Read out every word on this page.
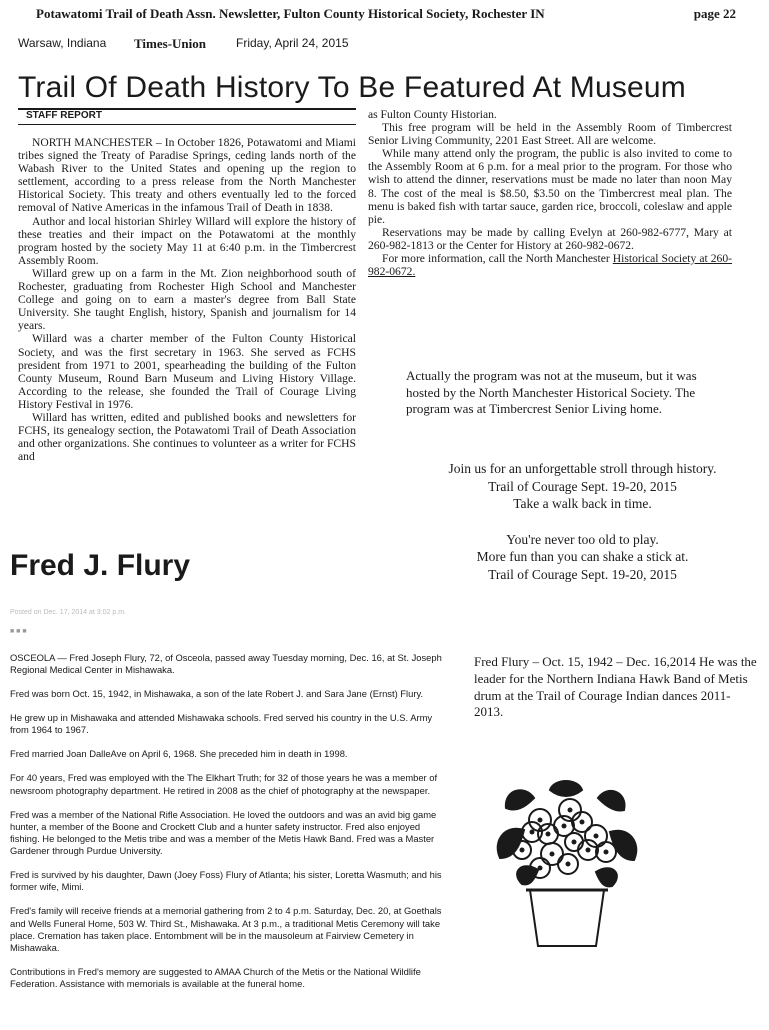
Potawatomi Trail of Death Assn. Newsletter, Fulton County Historical Society, Rochester IN	page 22
Warsaw, Indiana Times-Union	Friday, April 24, 2015
Trail Of Death History To Be Featured At Museum
STAFF REPORT

NORTH MANCHESTER – In October 1826, Potawatomi and Miami tribes signed the Treaty of Paradise Springs, ceding lands north of the Wabash River to the United States and opening up the region to settlement, according to a press release from the North Manchester Historical Society. This treaty and others eventually led to the forced removal of Native Americas in the infamous Trail of Death in 1838.

Author and local historian Shirley Willard will explore the history of these treaties and their impact on the Potawatomi at the monthly program hosted by the society May 11 at 6:40 p.m. in the Timbercrest Assembly Room.

Willard grew up on a farm in the Mt. Zion neighborhood south of Rochester, graduating from Rochester High School and Manchester College and going on to earn a master's degree from Ball State University. She taught English, history, Spanish and journalism for 14 years.

Willard was a charter member of the Fulton County Historical Society, and was the first secretary in 1963. She served as FCHS president from 1971 to 2001, spearheading the building of the Fulton County Museum, Round Barn Museum and Living History Village. According to the release, she founded the Trail of Courage Living History Festival in 1976.

Willard has written, edited and published books and newsletters for FCHS, its genealogy section, the Potawatomi Trail of Death Association and other organizations. She continues to volunteer as a writer for FCHS and

as Fulton County Historian.

This free program will be held in the Assembly Room of Timbercrest Senior Living Community, 2201 East Street. All are welcome.

While many attend only the program, the public is also invited to come to the Assembly Room at 6 p.m. for a meal prior to the program. For those who wish to attend the dinner, reservations must be made no later than noon May 8. The cost of the meal is $8.50, $3.50 on the Timbercrest meal plan. The menu is baked fish with tartar sauce, garden rice, broccoli, coleslaw and apple pie.

Reservations may be made by calling Evelyn at 260-982-6777, Mary at 260-982-1813 or the Center for History at 260-982-0672.

For more information, call the North Manchester Historical Society at 260-982-0672.

Actually the program was not at the museum, but it was hosted by the North Manchester Historical Society. The program was at Timbercrest Senior Living home.
Join us for an unforgettable stroll through history.
Trail of Courage Sept. 19-20, 2015
Take a walk back in time.
You're never too old to play.
More fun than you can shake a stick at.
Trail of Courage Sept. 19-20, 2015
Fred J. Flury
Posted on Dec. 17, 2014 at 3:02 p.m.
■ ■ ■

OSCEOLA — Fred Joseph Flury, 72, of Osceola, passed away Tuesday morning, Dec. 16, at St. Joseph Regional Medical Center in Mishawaka.

Fred was born Oct. 15, 1942, in Mishawaka, a son of the late Robert J. and Sara Jane (Ernst) Flury.

He grew up in Mishawaka and attended Mishawaka schools. Fred served his country in the U.S. Army from 1964 to 1967.

Fred married Joan DalleAve on April 6, 1968. She preceded him in death in 1998.

For 40 years, Fred was employed with the The Elkhart Truth; for 32 of those years he was a member of newsroom photography department. He retired in 2008 as the chief of photography at the newspaper.

Fred was a member of the National Rifle Association. He loved the outdoors and was an avid big game hunter, a member of the Boone and Crockett Club and a hunter safety instructor. Fred also enjoyed fishing. He belonged to the Metis tribe and was a member of the Metis Hawk Band. Fred was a Master Gardener through Purdue University.

Fred is survived by his daughter, Dawn (Joey Foss) Flury of Atlanta; his sister, Loretta Wasmuth; and his former wife, Mimi.

Fred's family will receive friends at a memorial gathering from 2 to 4 p.m. Saturday, Dec. 20, at Goethals and Wells Funeral Home, 503 W. Third St., Mishawaka. At 3 p.m., a traditional Metis Ceremony will take place. Cremation has taken place. Entombment will be in the mausoleum at Fairview Cemetery in Mishawaka.

Contributions in Fred's memory are suggested to AMAA Church of the Metis or the National Wildlife Federation. Assistance with memorials is available at the funeral home.

Fred Flury – Oct. 15, 1942 – Dec. 16,2014 He was the leader for the Northern Indiana Hawk Band of Metis drum at the Trail of Courage Indian dances 2011-2013.
